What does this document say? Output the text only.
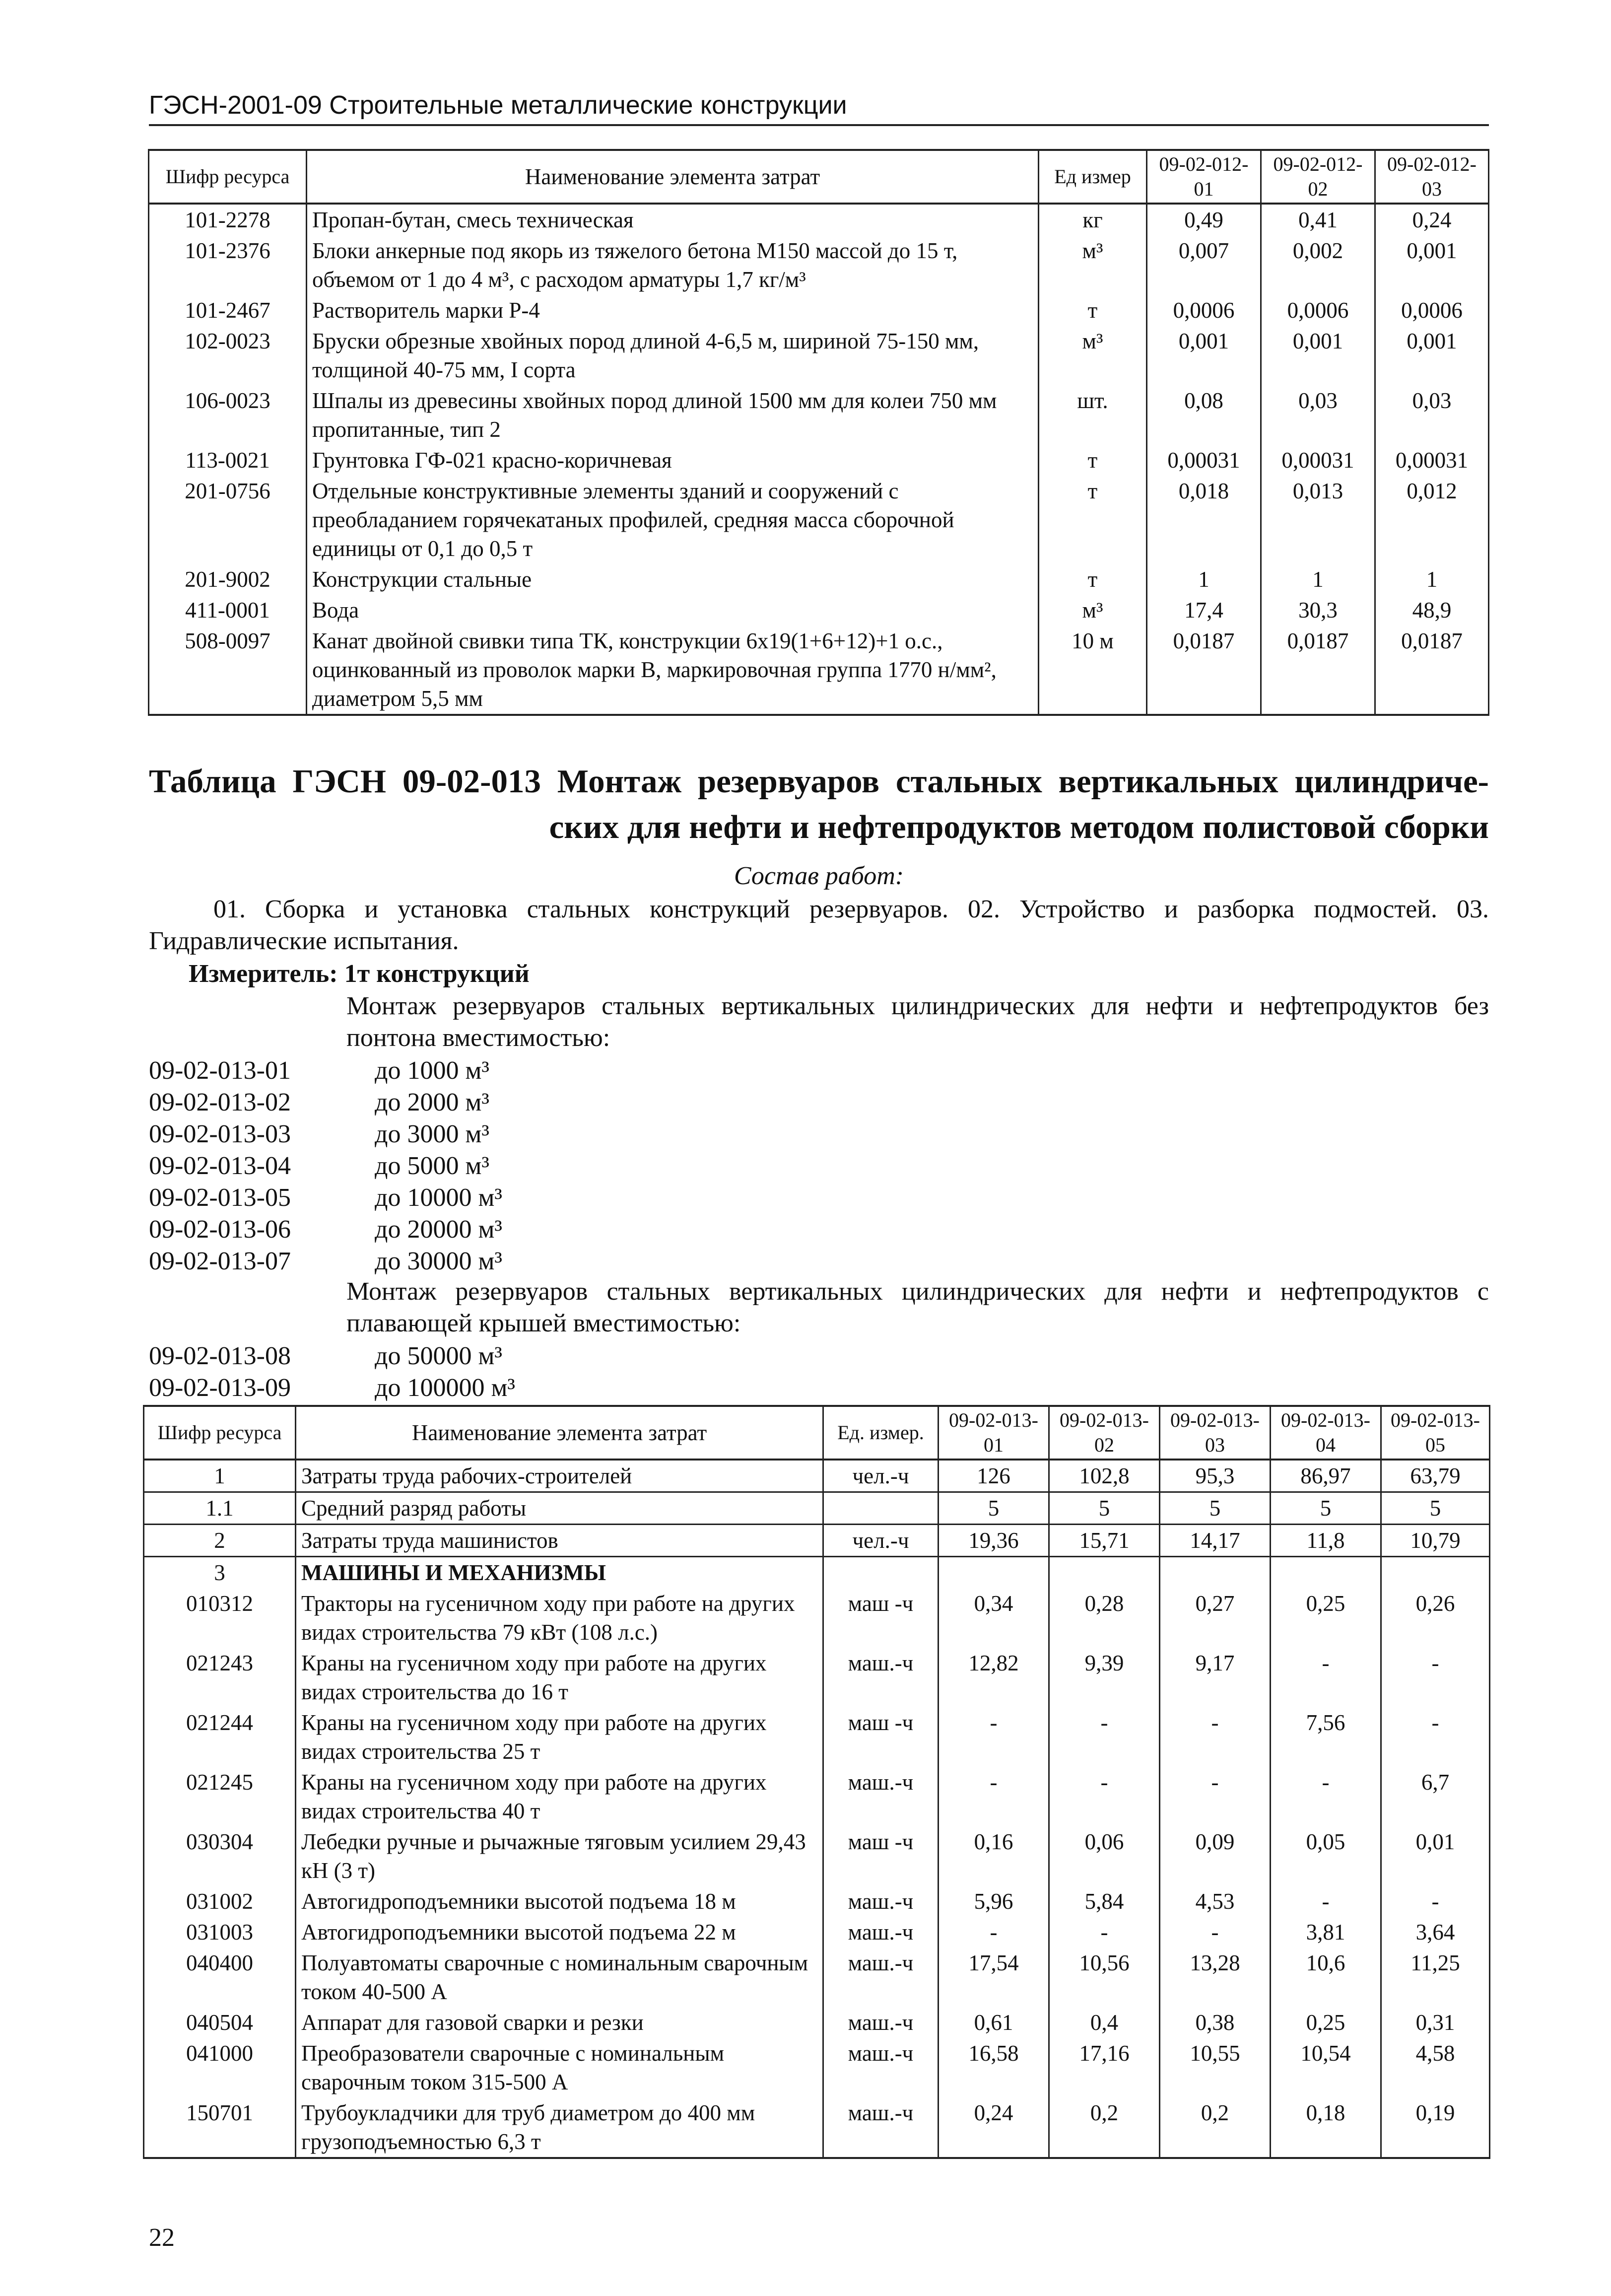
ГЭСН-2001-09 Строительные металлические конструкции
Шифр ресурса	Наименование элемента затрат	Ед измер	09-02-012-01	09-02-012-02	09-02-012-03
101-2278	Пропан-бутан, смесь техническая	кг	0,49	0,41	0,24
101-2376	Блоки анкерные под якорь из тяжелого бетона М150 массой до 15 т, объемом от 1 до 4 м³, с расходом арматуры 1,7 кг/м³	м³	0,007	0,002	0,001
101-2467	Растворитель марки Р-4	т	0,0006	0,0006	0,0006
102-0023	Бруски обрезные хвойных пород длиной 4-6,5 м, шириной 75-150 мм, толщиной 40-75 мм, I сорта	м³	0,001	0,001	0,001
106-0023	Шпалы из древесины хвойных пород длиной 1500 мм для колеи 750 мм пропитанные, тип 2	шт.	0,08	0,03	0,03
113-0021	Грунтовка ГФ-021 красно-коричневая	т	0,00031	0,00031	0,00031
201-0756	Отдельные конструктивные элементы зданий и сооружений с преобладанием горячекатаных профилей, средняя масса сборочной единицы от 0,1 до 0,5 т	т	0,018	0,013	0,012
201-9002	Конструкции стальные	т	1	1	1
411-0001	Вода	м³	17,4	30,3	48,9
508-0097	Канат двойной свивки типа ТК, конструкции 6х19(1+6+12)+1 о.с., оцинкованный из проволок марки В, маркировочная группа 1770 н/мм², диаметром 5,5 мм	10 м	0,0187	0,0187	0,0187
Таблица ГЭСН 09-02-013 Монтаж резервуаров стальных вертикальных цилиндриче-
ских для нефти и нефтепродуктов методом полистовой сборки
Состав работ:
01. Сборка и установка стальных конструкций резервуаров. 02. Устройство и разборка подмостей. 03. Гидравлические испытания.
Измеритель: 1т конструкций
Монтаж резервуаров стальных вертикальных цилиндрических для нефти и нефтепродуктов без понтона вместимостью:
09-02-013-01	до 1000 м³
09-02-013-02	до 2000 м³
09-02-013-03	до 3000 м³
09-02-013-04	до 5000 м³
09-02-013-05	до 10000 м³
09-02-013-06	до 20000 м³
09-02-013-07	до 30000 м³
Монтаж резервуаров стальных вертикальных цилиндрических для нефти и нефтепродуктов с плавающей крышей вместимостью:
09-02-013-08	до 50000 м³
09-02-013-09	до 100000 м³
Шифр ресурса	Наименование элемента затрат	Ед. измер.	09-02-013-01	09-02-013-02	09-02-013-03	09-02-013-04	09-02-013-05
1	Затраты труда рабочих-строителей	чел.-ч	126	102,8	95,3	86,97	63,79
1.1	Средний разряд работы		5	5	5	5	5
2	Затраты труда машинистов	чел.-ч	19,36	15,71	14,17	11,8	10,79
3	МАШИНЫ И МЕХАНИЗМЫ						
010312	Тракторы на гусеничном ходу при работе на других видах строительства 79 кВт (108 л.с.)	маш -ч	0,34	0,28	0,27	0,25	0,26
021243	Краны на гусеничном ходу при работе на других видах строительства до 16 т	маш.-ч	12,82	9,39	9,17	-	-
021244	Краны на гусеничном ходу при работе на других видах строительства 25 т	маш -ч	-	-	-	7,56	-
021245	Краны на гусеничном ходу при работе на других видах строительства 40 т	маш.-ч	-	-	-	-	6,7
030304	Лебедки ручные и рычажные тяговым усилием 29,43 кН (3 т)	маш -ч	0,16	0,06	0,09	0,05	0,01
031002	Автогидроподъемники высотой подъема 18 м	маш.-ч	5,96	5,84	4,53	-	-
031003	Автогидроподъемники высотой подъема 22 м	маш.-ч	-	-	-	3,81	3,64
040400	Полуавтоматы сварочные с номинальным сварочным током 40-500 А	маш.-ч	17,54	10,56	13,28	10,6	11,25
040504	Аппарат для газовой сварки и резки	маш.-ч	0,61	0,4	0,38	0,25	0,31
041000	Преобразователи сварочные с номинальным сварочным током 315-500 А	маш.-ч	16,58	17,16	10,55	10,54	4,58
150701	Трубоукладчики для труб диаметром до 400 мм грузоподъемностью 6,3 т	маш.-ч	0,24	0,2	0,2	0,18	0,19
22
